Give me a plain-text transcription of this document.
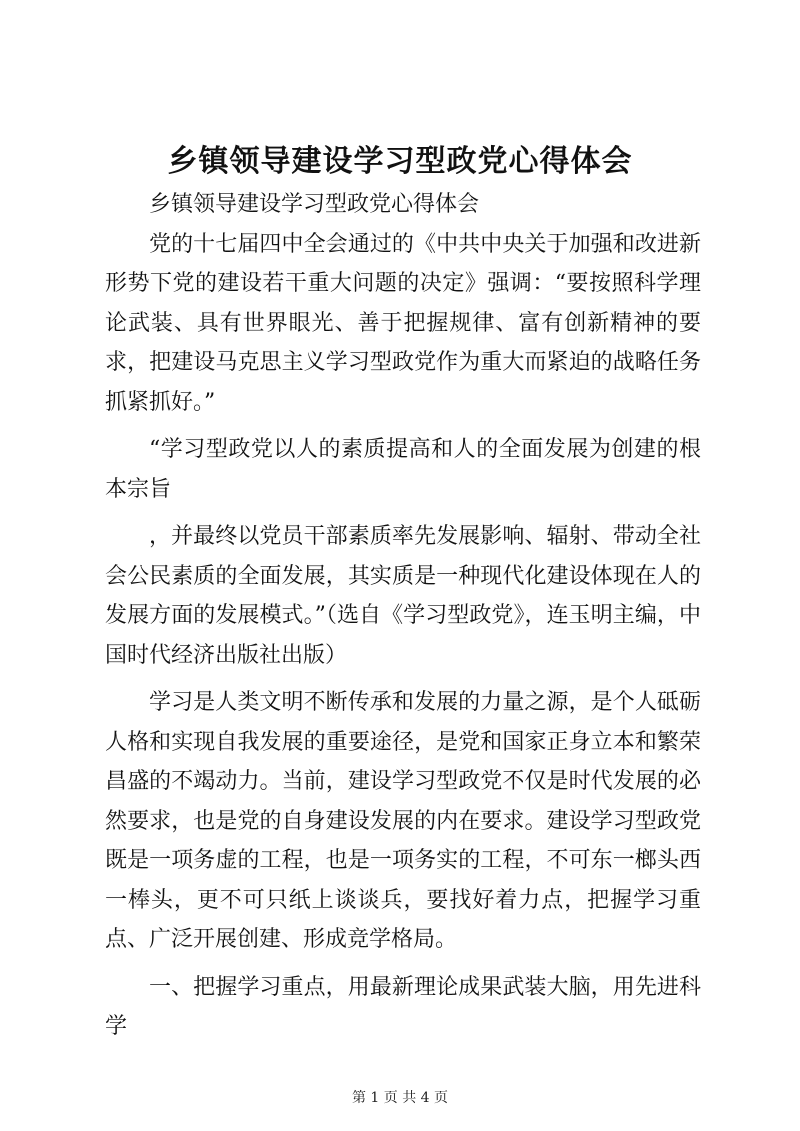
乡镇领导建设学习型政党心得体会

乡镇领导建设学习型政党心得体会

党的十七届四中全会通过的《中共中央关于加强和改进新形势下党的建设若干重大问题的决定》强调：“要按照科学理论武装、具有世界眼光、善于把握规律、富有创新精神的要求，把建设马克思主义学习型政党作为重大而紧迫的战略任务抓紧抓好。”

“学习型政党以人的素质提高和人的全面发展为创建的根本宗旨

，并最终以党员干部素质率先发展影响、辐射、带动全社会公民素质的全面发展，其实质是一种现代化建设体现在人的发展方面的发展模式。”（选自《学习型政党》，连玉明主编，中国时代经济出版社出版）

学习是人类文明不断传承和发展的力量之源，是个人砥砺人格和实现自我发展的重要途径，是党和国家正身立本和繁荣昌盛的不竭动力。当前，建设学习型政党不仅是时代发展的必然要求，也是党的自身建设发展的内在要求。建设学习型政党既是一项务虚的工程，也是一项务实的工程，不可东一榔头西一棒头，更不可只纸上谈谈兵，要找好着力点，把握学习重点、广泛开展创建、形成竞学格局。

一、把握学习重点，用最新理论成果武装大脑，用先进科学

第 1 页 共 4 页
